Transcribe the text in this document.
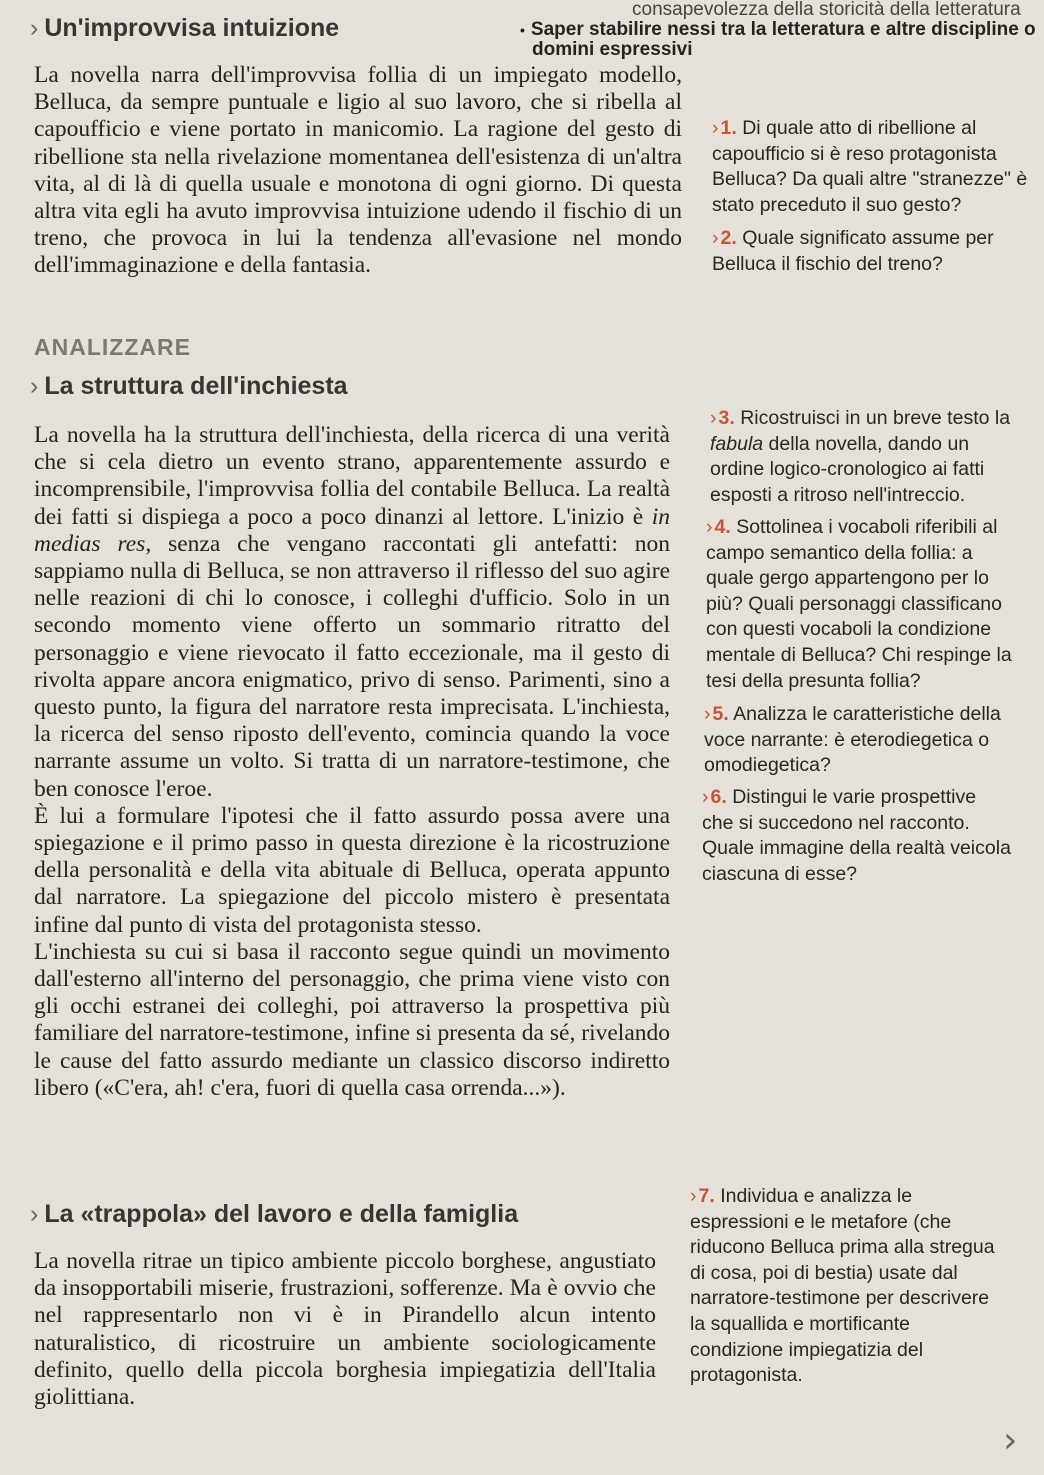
consapevolezza della storicità della letteratura
• Saper stabilire nessi tra la letteratura e altre discipline o
domini espressivi
› Un'improvvisa intuizione

La novella narra dell'improvvisa follia di un impiegato modello, Belluca, da sempre puntuale e ligio al suo lavoro, che si ribella al capoufficio e viene portato in manicomio. La ragione del gesto di ribellione sta nella rivelazione momentanea dell'esistenza di un'altra vita, al di là di quella usuale e monotona di ogni giorno. Di questa altra vita egli ha avuto improvvisa intuizione udendo il fischio di un treno, che provoca in lui la tendenza all'evasione nel mondo dell'immaginazione e della fantasia.

ANALIZZARE
› La struttura dell'inchiesta

La novella ha la struttura dell'inchiesta, della ricerca di una verità che si cela dietro un evento strano, apparentemente assurdo e incomprensibile, l'improvvisa follia del contabile Belluca. La realtà dei fatti si dispiega a poco a poco dinanzi al lettore. L'inizio è in medias res, senza che vengano raccontati gli antefatti: non sappiamo nulla di Belluca, se non attraverso il riflesso del suo agire nelle reazioni di chi lo conosce, i colleghi d'ufficio. Solo in un secondo momento viene offerto un sommario ritratto del personaggio e viene rievocato il fatto eccezionale, ma il gesto di rivolta appare ancora enigmatico, privo di senso. Parimenti, sino a questo punto, la figura del narratore resta imprecisata. L'inchiesta, la ricerca del senso riposto dell'evento, comincia quando la voce narrante assume un volto. Si tratta di un narratore-testimone, che ben conosce l'eroe.

È lui a formulare l'ipotesi che il fatto assurdo possa avere una spiegazione e il primo passo in questa direzione è la ricostruzione della personalità e della vita abituale di Belluca, operata appunto dal narratore. La spiegazione del piccolo mistero è presentata infine dal punto di vista del protagonista stesso.

L'inchiesta su cui si basa il racconto segue quindi un movimento dall'esterno all'interno del personaggio, che prima viene visto con gli occhi estranei dei colleghi, poi attraverso la prospettiva più familiare del narratore-testimone, infine si presenta da sé, rivelando le cause del fatto assurdo mediante un classico discorso indiretto libero («C'era, ah! c'era, fuori di quella casa orrenda...»).

› La «trappola» del lavoro e della famiglia

La novella ritrae un tipico ambiente piccolo borghese, angustiato da insopportabili miserie, frustrazioni, sofferenze. Ma è ovvio che nel rappresentarlo non vi è in Pirandello alcun intento naturalistico, di ricostruire un ambiente sociologicamente definito, quello della piccola borghesia impiegatizia dell'Italia giolittiana.

› 1. Di quale atto di ribellione al capoufficio si è reso protagonista Belluca? Da quali altre "stranezze" è stato preceduto il suo gesto?
› 2. Quale significato assume per Belluca il fischio del treno?
› 3. Ricostruisci in un breve testo la fabula della novella, dando un ordine logico-cronologico ai fatti esposti a ritroso nell'intreccio.
› 4. Sottolinea i vocaboli riferibili al campo semantico della follia: a quale gergo appartengono per lo più? Quali personaggi classificano con questi vocaboli la condizione mentale di Belluca? Chi respinge la tesi della presunta follia?
› 5. Analizza le caratteristiche della voce narrante: è eterodiegetica o omodiegetica?
› 6. Distingui le varie prospettive che si succedono nel racconto. Quale immagine della realtà veicola ciascuna di esse?
› 7. Individua e analizza le espressioni e le metafore (che riducono Belluca prima alla stregua di cosa, poi di bestia) usate dal narratore-testimone per descrivere la squallida e mortificante condizione impiegatizia del protagonista.
›
